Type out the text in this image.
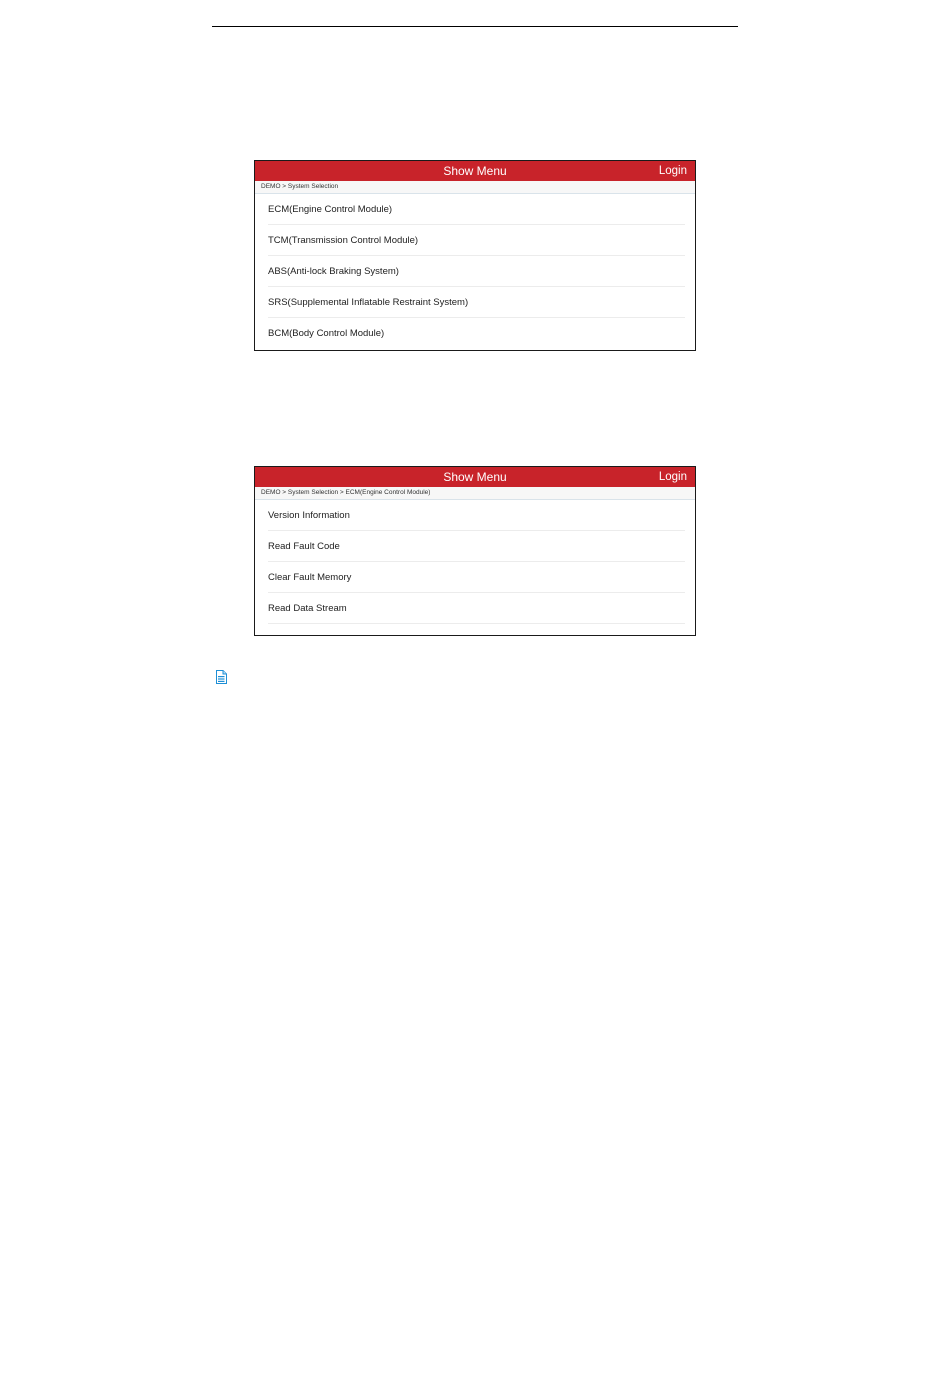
Show Menu	Login
DEMO > System Selection
ECM(Engine Control Module)
TCM(Transmission Control Module)
ABS(Anti-lock Braking System)
SRS(Supplemental Inflatable Restraint System)
BCM(Body Control Module)
Show Menu	Login
DEMO > System Selection > ECM(Engine Control Module)
Version Information
Read Fault Code
Clear Fault Memory
Read Data Stream
